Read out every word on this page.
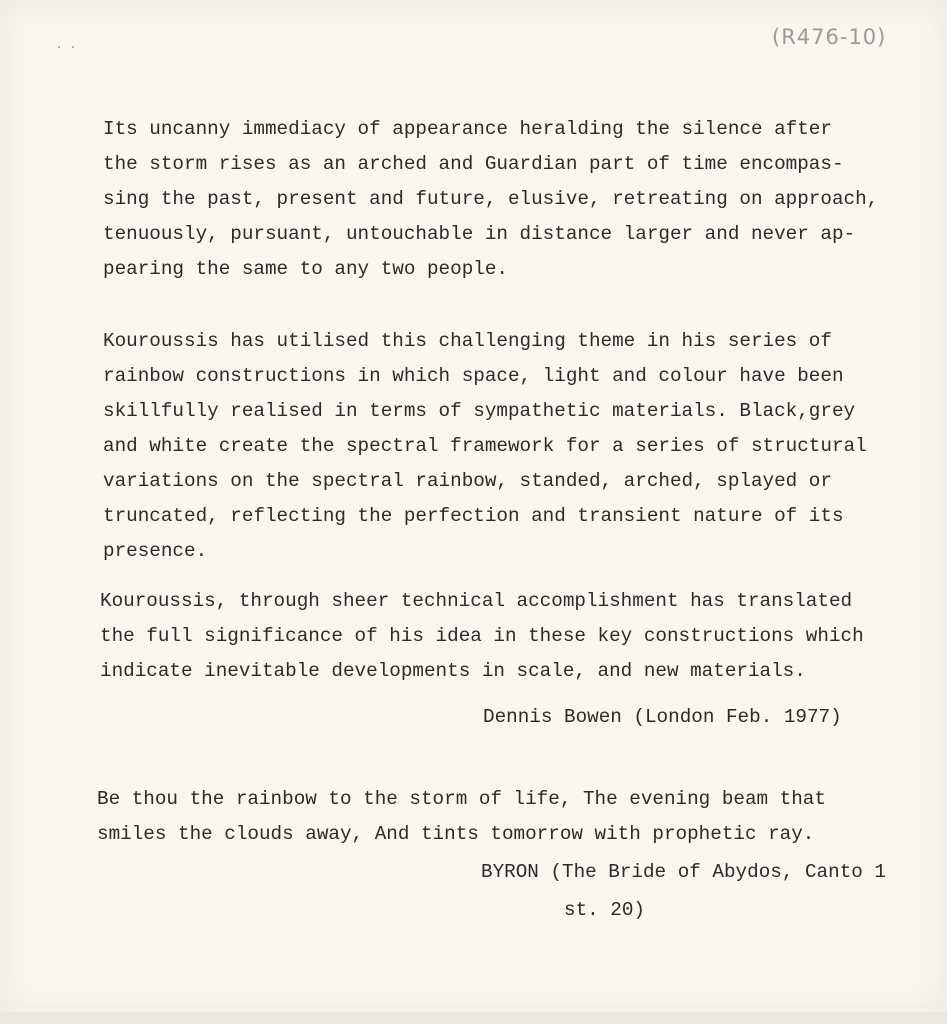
(R476-10)
Its uncanny immediacy of appearance heralding the silence after
the storm rises as an arched and Guardian part of time encompas-
sing the past, present and future, elusive, retreating on approach,
tenuously, pursuant, untouchable in distance larger and never ap-
pearing the same to any two people.
Kouroussis has utilised this challenging theme in his series of
rainbow constructions in which space, light and colour have been
skillfully realised in terms of sympathetic materials. Black,grey
and white create the spectral framework for a series of structural
variations on the spectral rainbow, standed, arched, splayed or
truncated, reflecting the perfection and transient nature of its
presence.
Kouroussis, through sheer technical accomplishment has translated
the full significance of his idea in these key constructions which
indicate inevitable developments in scale, and new materials.
Dennis Bowen (London Feb. 1977)
Be thou the rainbow to the storm of life, The evening beam that
smiles the clouds away, And tints tomorrow with prophetic ray.
BYRON (The Bride of Abydos, Canto 1
st. 20)
